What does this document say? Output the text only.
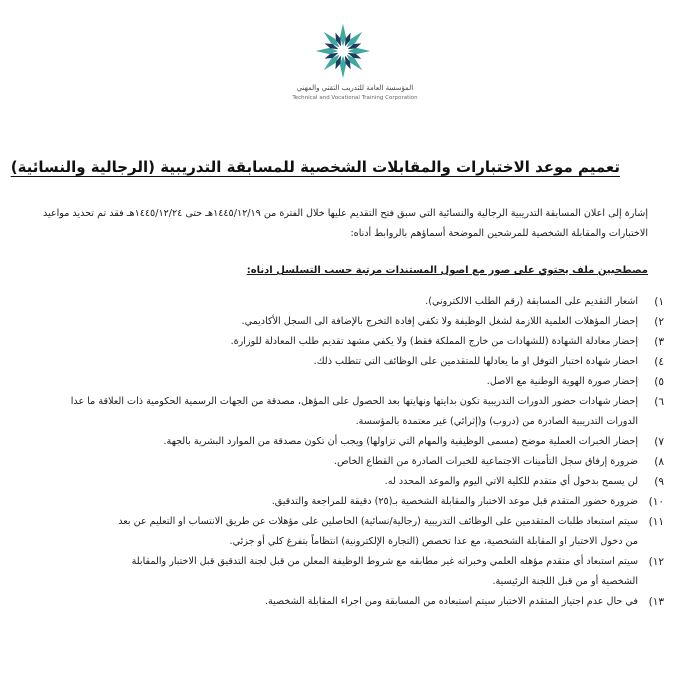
المؤسسة العامة للتدريب التقني والمهني
Technical and Vocational Training Corporation
تعميم موعد الاختبارات والمقابلات الشخصية للمسابقة التدريبية (الرجالية والنسائية)
إشارة إلى اعلان المسابقة التدريبية الرجالية والنسائية التي سبق فتح التقديم عليها خلال الفترة من ١٤٤٥/١٢/١٩هـ حتى ١٤٤٥/١٢/٢٤هـ فقد تم تحديد مواعيد
الاختبارات والمقابلة الشخصية للمرشحين الموضحة أسماؤهم بالروابط أدناه:
مصطحبين ملف يحتوي على صور مع اصول المستندات مرتبة حسب التسلسل ادناه:
١)
اشعار التقديم على المسابقة (رقم الطلب الالكتروني).
٢)
إحضار المؤهلات العلمية اللازمة لشغل الوظيفة ولا تكفي إفادة التخرج بالإضافة الى السجل الأكاديمي.
٣)
إحضار معادلة الشهادة (للشهادات من خارج المملكة فقط) ولا يكفي مشهد تقديم طلب المعادلة للوزارة.
٤)
احضار شهادة اختبار التوفل او ما يعادلها للمتقدمين على الوظائف التي تتطلب ذلك.
٥)
إحضار صورة الهوية الوطنية مع الاصل.
٦)
إحضار شهادات حضور الدورات التدريبية تكون بدايتها ونهايتها بعد الحصول على المؤهل، مصدقة من الجهات الرسمية الحكومية ذات العلاقة ما عدا
الدورات التدريبية الصادرة من (دروب) و(إثرائي) غير معتمدة بالمؤسسة.
٧)
إحضار الخبرات العملية موضح (مسمى الوظيفية والمهام التي تزاولها) ويجب أن تكون مصدقة من الموارد البشرية بالجهة.
٨)
ضرورة إرفاق سجل التأمينات الاجتماعية للخبرات الصادرة من القطاع الخاص.
٩)
لن يسمح بدخول أي متقدم للكلية الاتي اليوم والموعد المحدد له.
١٠)
ضرورة حضور المتقدم قبل موعد الاختبار والمقابلة الشخصية بـ(٢٥) دقيقة للمراجعة والتدقيق.
١١)
سيتم استبعاد طلبات المتقدمين على الوظائف التدريبية (رجالية/نسائية) الحاصلين على مؤهلات عن طريق الانتساب او التعليم عن بعد
من دخول الاختبار او المقابلة الشخصية، مع عدا تخصص (التجارة الإلكترونية) انتظاماً بتفرغ كلي أو جزئي.
١٢)
سيتم استبعاد أي متقدم مؤهله العلمي وخبراته غير مطابقه مع شروط الوظيفة المعلن من قبل لجنة التدقيق قبل الاختبار والمقابلة
الشخصية أو من قبل اللجنة الرئيسية.
١٣)
في حال عدم اجتياز المتقدم الاختبار سيتم استبعاده من المسابقة ومن اجراء المقابلة الشخصية.
